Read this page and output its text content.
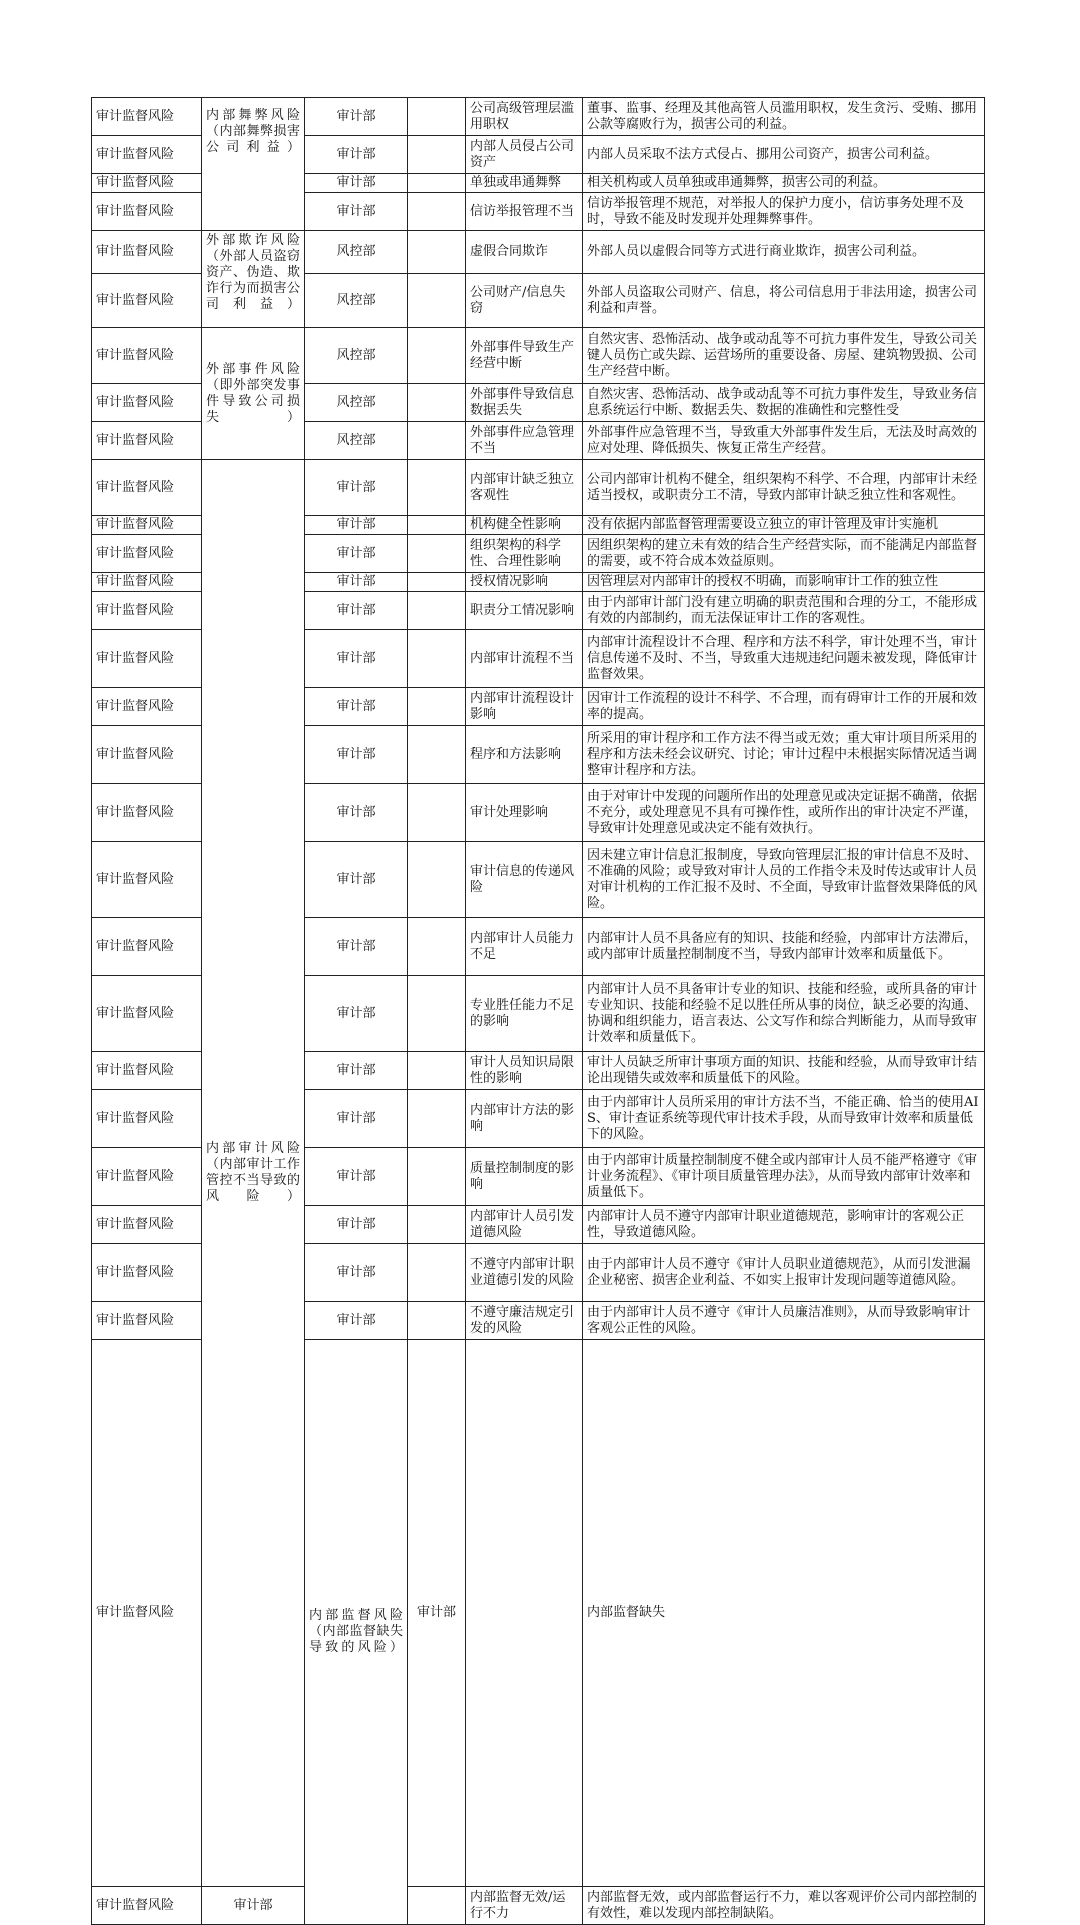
审计监督风险	内部舞弊风险（内部舞弊损害公司利益）	审计部		公司高级管理层滥用职权	董事、监事、经理及其他高管人员滥用职权，发生贪污、受贿、挪用公款等腐败行为，损害公司的利益。	
审计监督风险		审计部		内部人员侵占公司资产	内部人员采取不法方式侵占、挪用公司资产，损害公司利益。	
审计监督风险		审计部		单独或串通舞弊	相关机构或人员单独或串通舞弊，损害公司的利益。	
审计监督风险		审计部		信访举报管理不当	信访举报管理不规范，对举报人的保护力度小，信访事务处理不及时，导致不能及时发现并处理舞弊事件。	
审计监督风险	外部欺诈风险（外部人员盗窃资产、伪造、欺诈行为而损害公司利益）	风控部		虚假合同欺诈	外部人员以虚假合同等方式进行商业欺诈，损害公司利益。	
审计监督风险		风控部		公司财产/信息失窃	外部人员盗取公司财产、信息，将公司信息用于非法用途，损害公司利益和声誉。	
审计监督风险	外部事件风险（即外部突发事件导致公司损失）	风控部		外部事件导致生产经营中断	自然灾害、恐怖活动、战争或动乱等不可抗力事件发生，导致公司关键人员伤亡或失踪、运营场所的重要设备、房屋、建筑物毁损、公司生产经营中断。	
审计监督风险		风控部		外部事件导致信息数据丢失	自然灾害、恐怖活动、战争或动乱等不可抗力事件发生，导致业务信息系统运行中断、数据丢失、数据的准确性和完整性受	
审计监督风险		风控部		外部事件应急管理不当	外部事件应急管理不当，导致重大外部事件发生后，无法及时高效的应对处理、降低损失、恢复正常生产经营。	
审计监督风险	内部审计风险（内部审计工作管控不当导致的风险）	审计部		内部审计缺乏独立客观性	公司内部审计机构不健全，组织架构不科学、不合理，内部审计未经适当授权，或职责分工不清，导致内部审计缺乏独立性和客观性。	
审计监督风险		审计部		机构健全性影响	没有依据内部监督管理需要设立独立的审计管理及审计实施机	
审计监督风险		审计部		组织架构的科学性、合理性影响	因组织架构的建立未有效的结合生产经营实际，而不能满足内部监督的需要，或不符合成本效益原则。	
审计监督风险		审计部		授权情况影响	因管理层对内部审计的授权不明确，而影响审计工作的独立性	
审计监督风险		审计部		职责分工情况影响	由于内部审计部门没有建立明确的职责范围和合理的分工，不能形成有效的内部制约，而无法保证审计工作的客观性。	
审计监督风险		审计部		内部审计流程不当	内部审计流程设计不合理、程序和方法不科学，审计处理不当，审计信息传递不及时、不当，导致重大违规违纪问题未被发现，降低审计监督效果。	
审计监督风险		审计部		内部审计流程设计影响	因审计工作流程的设计不科学、不合理，而有碍审计工作的开展和效率的提高。	
审计监督风险		审计部		程序和方法影响	所采用的审计程序和工作方法不得当或无效；重大审计项目所采用的程序和方法未经会议研究、讨论；审计过程中未根据实际情况适当调整审计程序和方法。	
审计监督风险		审计部		审计处理影响	由于对审计中发现的问题所作出的处理意见或决定证据不确凿，依据不充分，或处理意见不具有可操作性，或所作出的审计决定不严谨，导致审计处理意见或决定不能有效执行。	
审计监督风险		审计部		审计信息的传递风险	因未建立审计信息汇报制度，导致向管理层汇报的审计信息不及时、不准确的风险；或导致对审计人员的工作指令未及时传达或审计人员对审计机构的工作汇报不及时、不全面，导致审计监督效果降低的风险。	
审计监督风险		审计部		内部审计人员能力不足	内部审计人员不具备应有的知识、技能和经验，内部审计方法滞后，或内部审计质量控制制度不当，导致内部审计效率和质量低下。	
审计监督风险		审计部		专业胜任能力不足的影响	内部审计人员不具备审计专业的知识、技能和经验，或所具备的审计专业知识、技能和经验不足以胜任所从事的岗位，缺乏必要的沟通、协调和组织能力，语言表达、公文写作和综合判断能力，从而导致审计效率和质量低下。	
审计监督风险		审计部		审计人员知识局限性的影响	审计人员缺乏所审计事项方面的知识、技能和经验，从而导致审计结论出现错失或效率和质量低下的风险。	
审计监督风险		审计部		内部审计方法的影响	由于内部审计人员所采用的审计方法不当，不能正确、恰当的使用AIS、审计查证系统等现代审计技术手段，从而导致审计效率和质量低下的风险。	
审计监督风险		审计部		质量控制制度的影响	由于内部审计质量控制制度不健全或内部审计人员不能严格遵守《审计业务流程》、《审计项目质量管理办法》，从而导致内部审计效率和质量低下。	
审计监督风险		审计部		内部审计人员引发道德风险	内部审计人员不遵守内部审计职业道德规范，影响审计的客观公正性，导致道德风险。	
审计监督风险		审计部		不遵守内部审计职业道德引发的风险	由于内部审计人员不遵守《审计人员职业道德规范》，从而引发泄漏企业秘密、损害企业利益、不如实上报审计发现问题等道德风险。	
审计监督风险		审计部		不遵守廉洁规定引发的风险	由于内部审计人员不遵守《审计人员廉洁准则》，从而导致影响审计客观公正性的风险。	
审计监督风险		内部监督风险（内部监督缺失导致的风险）	审计部		内部监督缺失	
审计监督风险	审计部			内部监督无效/运行不力	内部监督无效，或内部监督运行不力，难以客观评价公司内部控制的有效性，难以发现内部控制缺陷。	
